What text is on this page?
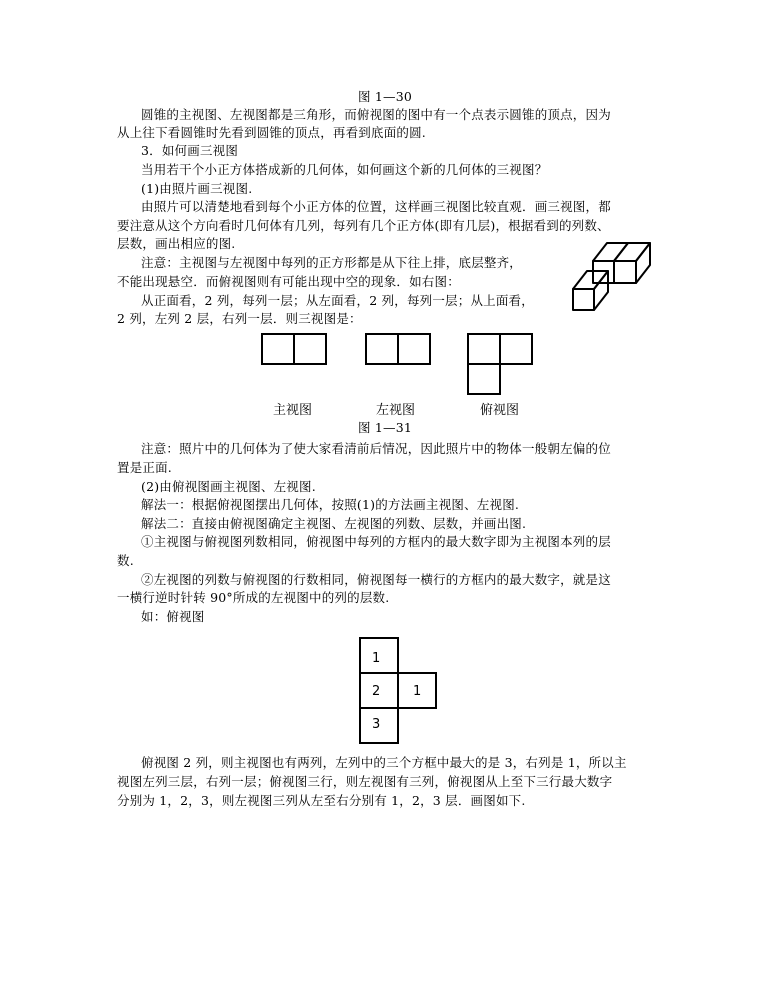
图 1—30
圆锥的主视图、左视图都是三角形，而俯视图的图中有一个点表示圆锥的顶点，因为
从上往下看圆锥时先看到圆锥的顶点，再看到底面的圆.
3．如何画三视图
当用若干个小正方体搭成新的几何体，如何画这个新的几何体的三视图？
(1)由照片画三视图.
由照片可以清楚地看到每个小正方体的位置，这样画三视图比较直观．画三视图，都
要注意从这个方向看时几何体有几列，每列有几个正方体(即有几层)，根据看到的列数、
层数，画出相应的图.
注意：主视图与左视图中每列的正方形都是从下往上排，底层整齐，
不能出现悬空．而俯视图则有可能出现中空的现象．如右图：
从正面看，2 列，每列一层；从左面看，2 列，每列一层；从上面看，
2 列，左列 2 层，右列一层．则三视图是：
主视图	左视图	俯视图
图 1—31
注意：照片中的几何体为了使大家看清前后情况，因此照片中的物体一般朝左偏的位
置是正面.
(2)由俯视图画主视图、左视图.
解法一：根据俯视图摆出几何体，按照(1)的方法画主视图、左视图.
解法二：直接由俯视图确定主视图、左视图的列数、层数，并画出图.
①主视图与俯视图列数相同，俯视图中每列的方框内的最大数字即为主视图本列的层
数.
②左视图的列数与俯视图的行数相同，俯视图每一横行的方框内的最大数字，就是这
一横行逆时针转 90°所成的左视图中的列的层数.
如：俯视图
1
2	1
3
俯视图 2 列，则主视图也有两列，左列中的三个方框中最大的是 3，右列是 1，所以主
视图左列三层，右列一层；俯视图三行，则左视图有三列，俯视图从上至下三行最大数字
分别为 1，2，3，则左视图三列从左至右分别有 1，2，3 层．画图如下.
